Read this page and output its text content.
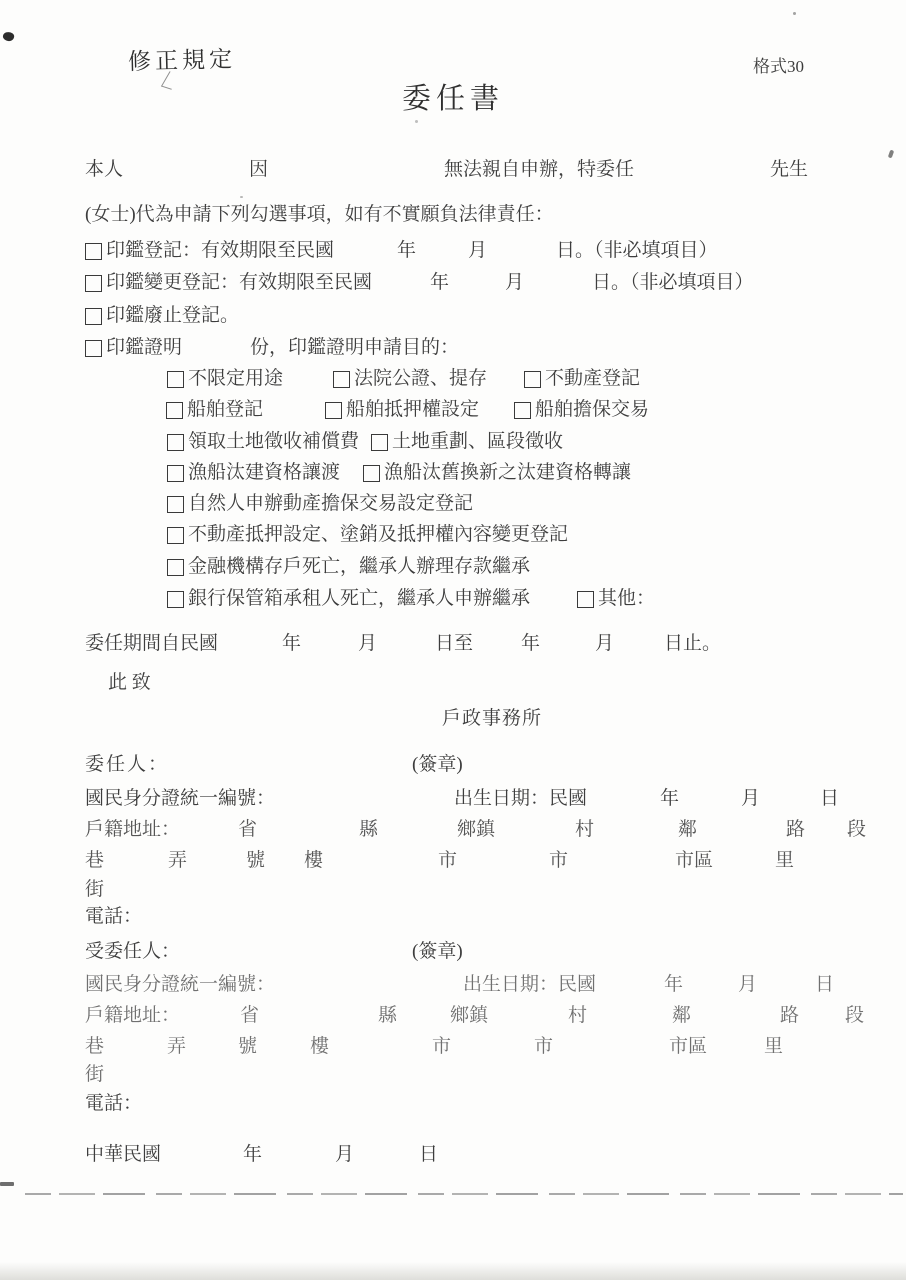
修正規定	格式30
委任書
本人	因	無法親自申辦，特委任	先生
(女士)代為申請下列勾選事項，如有不實願負法律責任：
印鑑登記：有效期限至民國	年	月	日。（非必填項目）
印鑑變更登記：有效期限至民國	年	月	日。（非必填項目）
印鑑廢止登記。
印鑑證明	份，印鑑證明申請目的：
不限定用途	法院公證、提存	不動產登記
船舶登記	船舶抵押權設定	船舶擔保交易
領取土地徵收補償費 土地重劃、區段徵收
漁船汰建資格讓渡 漁船汰舊換新之汰建資格轉讓
自然人申辦動產擔保交易設定登記
不動產抵押設定、塗銷及抵押權內容變更登記
金融機構存戶死亡，繼承人辦理存款繼承
銀行保管箱承租人死亡，繼承人申辦繼承	其他：
委任期間自民國	年	月	日至	年	月	日止。
此 致
戶政事務所
委任人：	(簽章)
國民身分證統一編號：	出生日期：民國	年	月	日
戶籍地址：	省	縣	鄉鎮	村	鄰	路 段
巷	弄	號 樓	市	市	市區	里
街
電話：
受委任人：	(簽章)
國民身分證統一編號：	出生日期：民國	年	月	日
戶籍地址：	省	縣	鄉鎮	村	鄰	路 段
巷	弄	號	樓	市	市	市區	里
街
電話：
中華民國	年	月	日
